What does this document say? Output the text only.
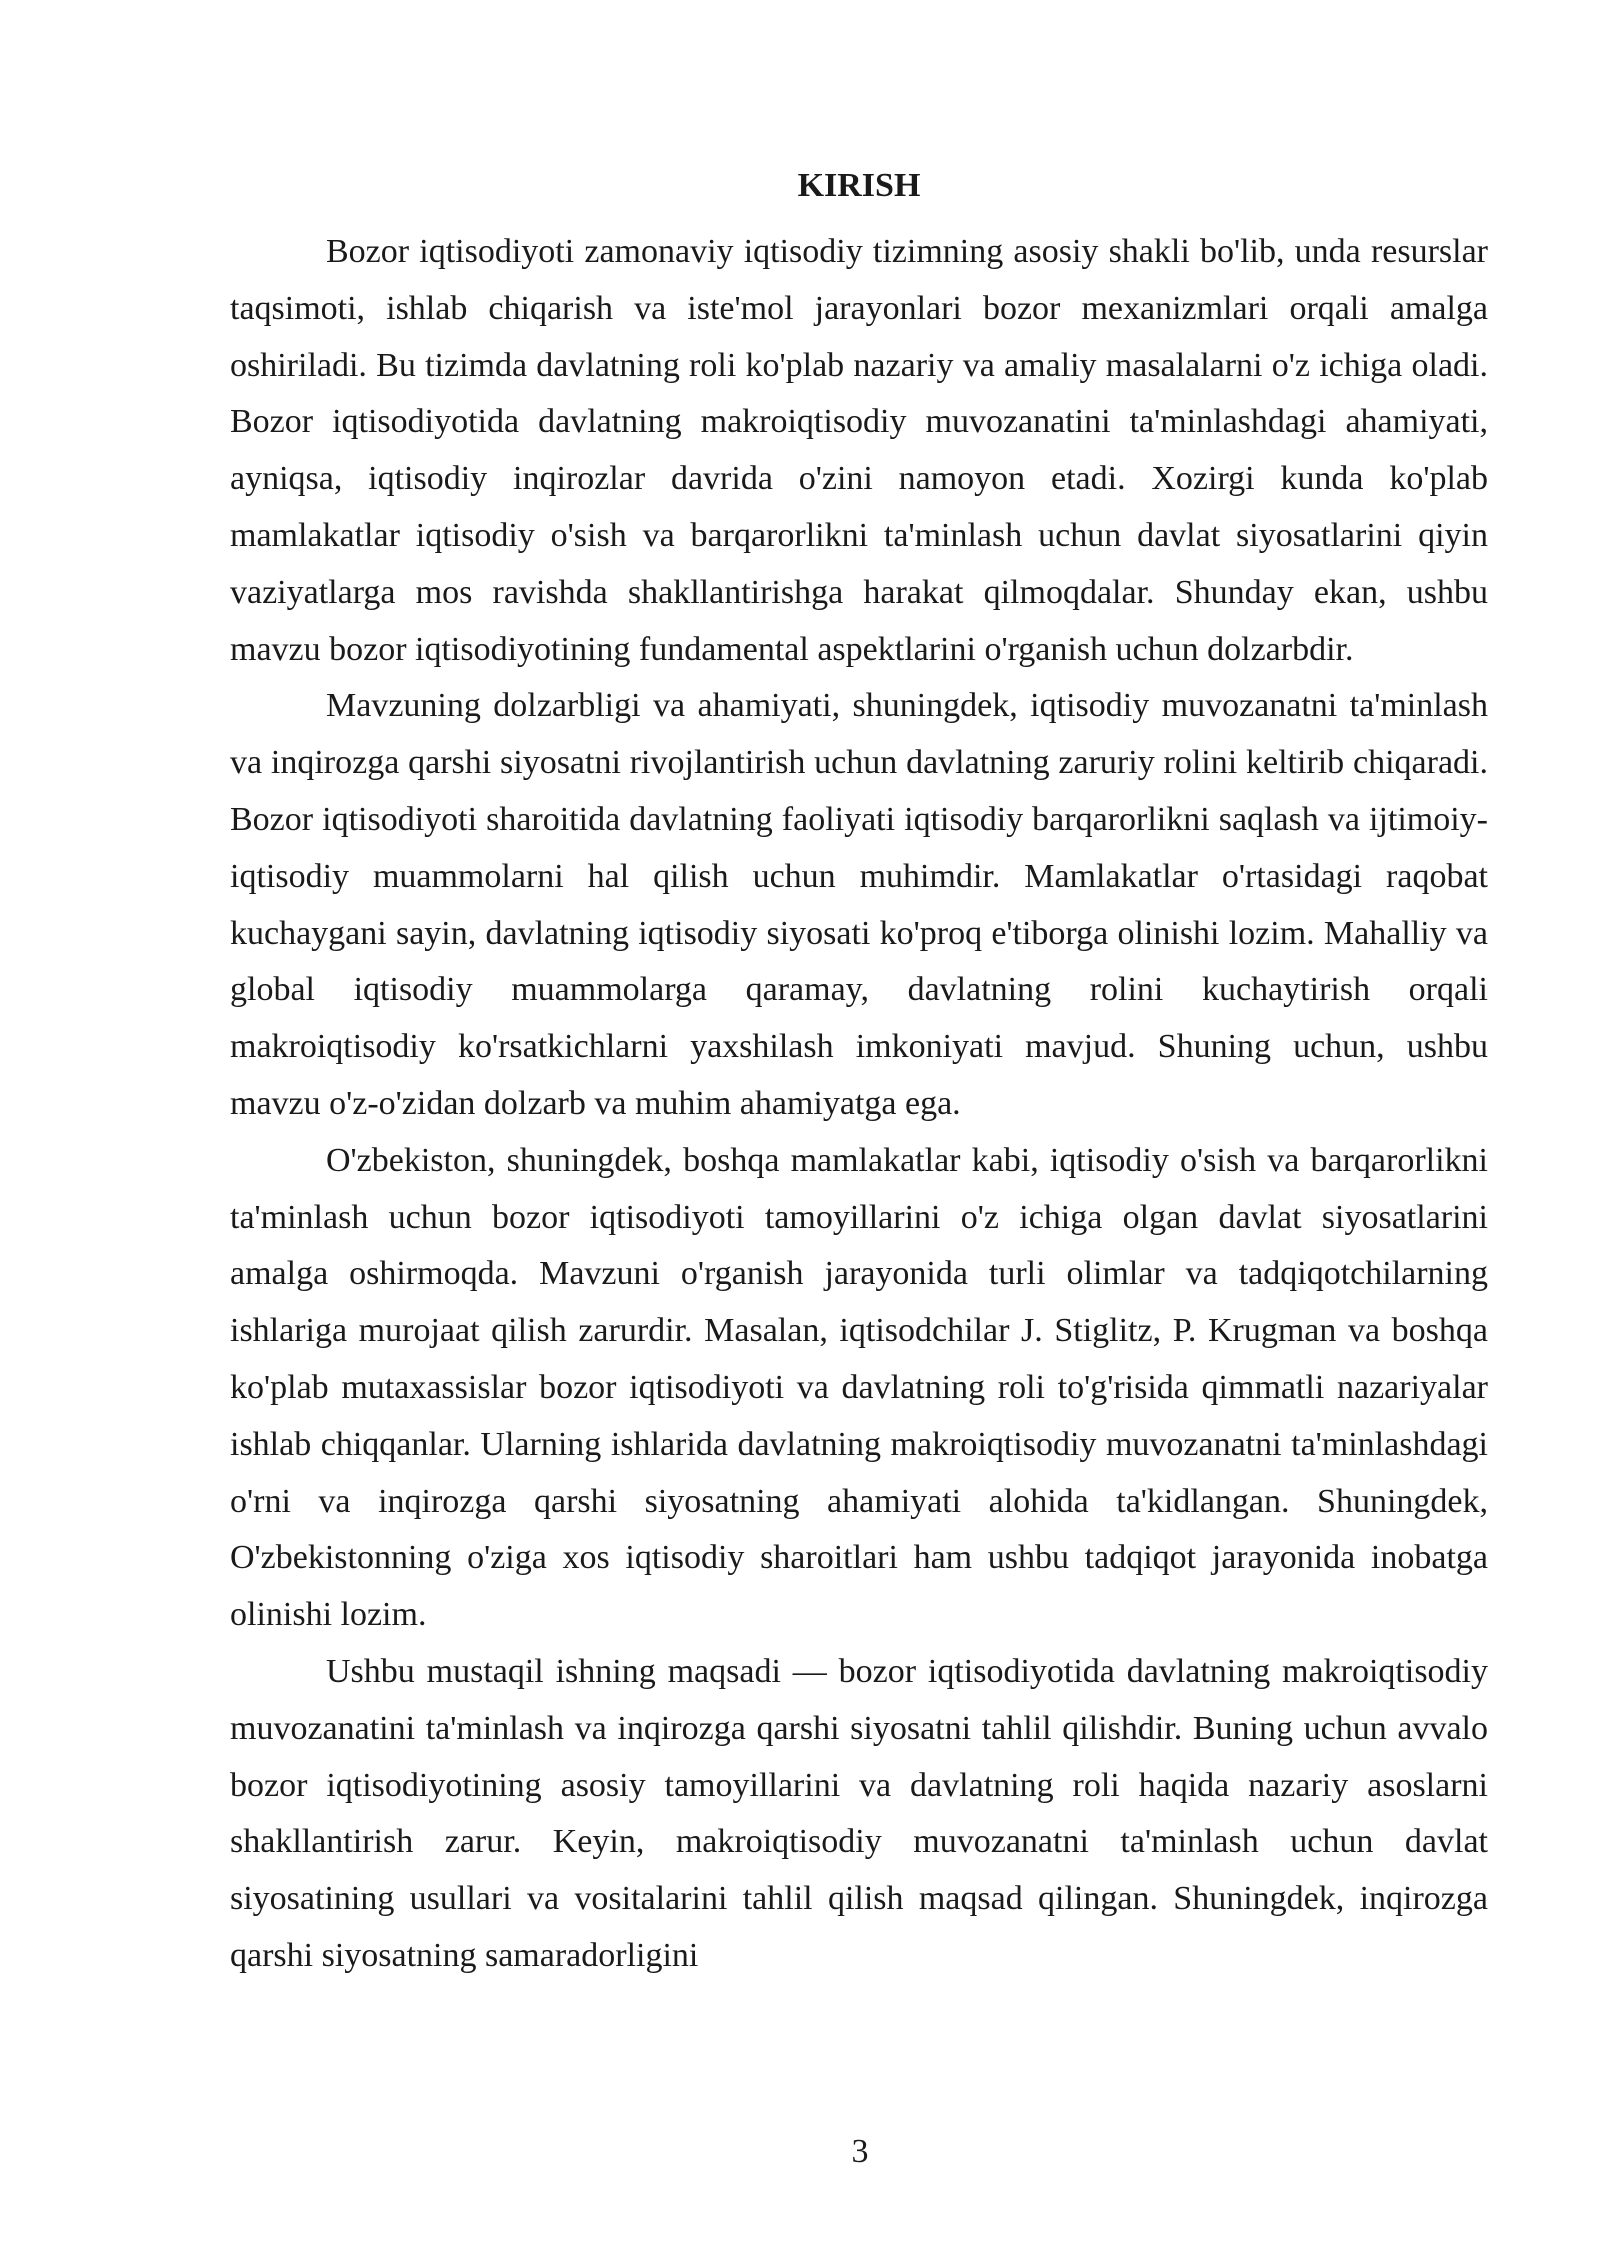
KIRISH

Bozor iqtisodiyoti zamonaviy iqtisodiy tizimning asosiy shakli bo'lib, unda resurslar taqsimoti, ishlab chiqarish va iste'mol jarayonlari bozor mexanizmlari orqali amalga oshiriladi. Bu tizimda davlatning roli ko'plab nazariy va amaliy masalalarni o'z ichiga oladi. Bozor iqtisodiyotida davlatning makroiqtisodiy muvozanatini ta'minlashdagi ahamiyati, ayniqsa, iqtisodiy inqirozlar davrida o'zini namoyon etadi. Xozirgi kunda ko'plab mamlakatlar iqtisodiy o'sish va barqarorlikni ta'minlash uchun davlat siyosatlarini qiyin vaziyatlarga mos ravishda shakllantirishga harakat qilmoqdalar. Shunday ekan, ushbu mavzu bozor iqtisodiyotining fundamental aspektlarini o'rganish uchun dolzarbdir.

Mavzuning dolzarbligi va ahamiyati, shuningdek, iqtisodiy muvozanatni ta'minlash va inqirozga qarshi siyosatni rivojlantirish uchun davlatning zaruriy rolini keltirib chiqaradi. Bozor iqtisodiyoti sharoitida davlatning faoliyati iqtisodiy barqarorlikni saqlash va ijtimoiy-iqtisodiy muammolarni hal qilish uchun muhimdir. Mamlakatlar o'rtasidagi raqobat kuchaygani sayin, davlatning iqtisodiy siyosati ko'proq e'tiborga olinishi lozim. Mahalliy va global iqtisodiy muammolarga qaramay, davlatning rolini kuchaytirish orqali makroiqtisodiy ko'rsatkichlarni yaxshilash imkoniyati mavjud. Shuning uchun, ushbu mavzu o'z-o'zidan dolzarb va muhim ahamiyatga ega.

O'zbekiston, shuningdek, boshqa mamlakatlar kabi, iqtisodiy o'sish va barqarorlikni ta'minlash uchun bozor iqtisodiyoti tamoyillarini o'z ichiga olgan davlat siyosatlarini amalga oshirmoqda. Mavzuni o'rganish jarayonida turli olimlar va tadqiqotchilarning ishlariga murojaat qilish zarurdir. Masalan, iqtisodchilar J. Stiglitz, P. Krugman va boshqa ko'plab mutaxassislar bozor iqtisodiyoti va davlatning roli to'g'risida qimmatli nazariyalar ishlab chiqqanlar. Ularning ishlarida davlatning makroiqtisodiy muvozanatni ta'minlashdagi o'rni va inqirozga qarshi siyosatning ahamiyati alohida ta'kidlangan. Shuningdek, O'zbekistonning o'ziga xos iqtisodiy sharoitlari ham ushbu tadqiqot jarayonida inobatga olinishi lozim.

Ushbu mustaqil ishning maqsadi — bozor iqtisodiyotida davlatning makroiqtisodiy muvozanatini ta'minlash va inqirozga qarshi siyosatni tahlil qilishdir. Buning uchun avvalo bozor iqtisodiyotining asosiy tamoyillarini va davlatning roli haqida nazariy asoslarni shakllantirish zarur. Keyin, makroiqtisodiy muvozanatni ta'minlash uchun davlat siyosatining usullari va vositalarini tahlil qilish maqsad qilingan. Shuningdek, inqirozga qarshi siyosatning samaradorligini

3
